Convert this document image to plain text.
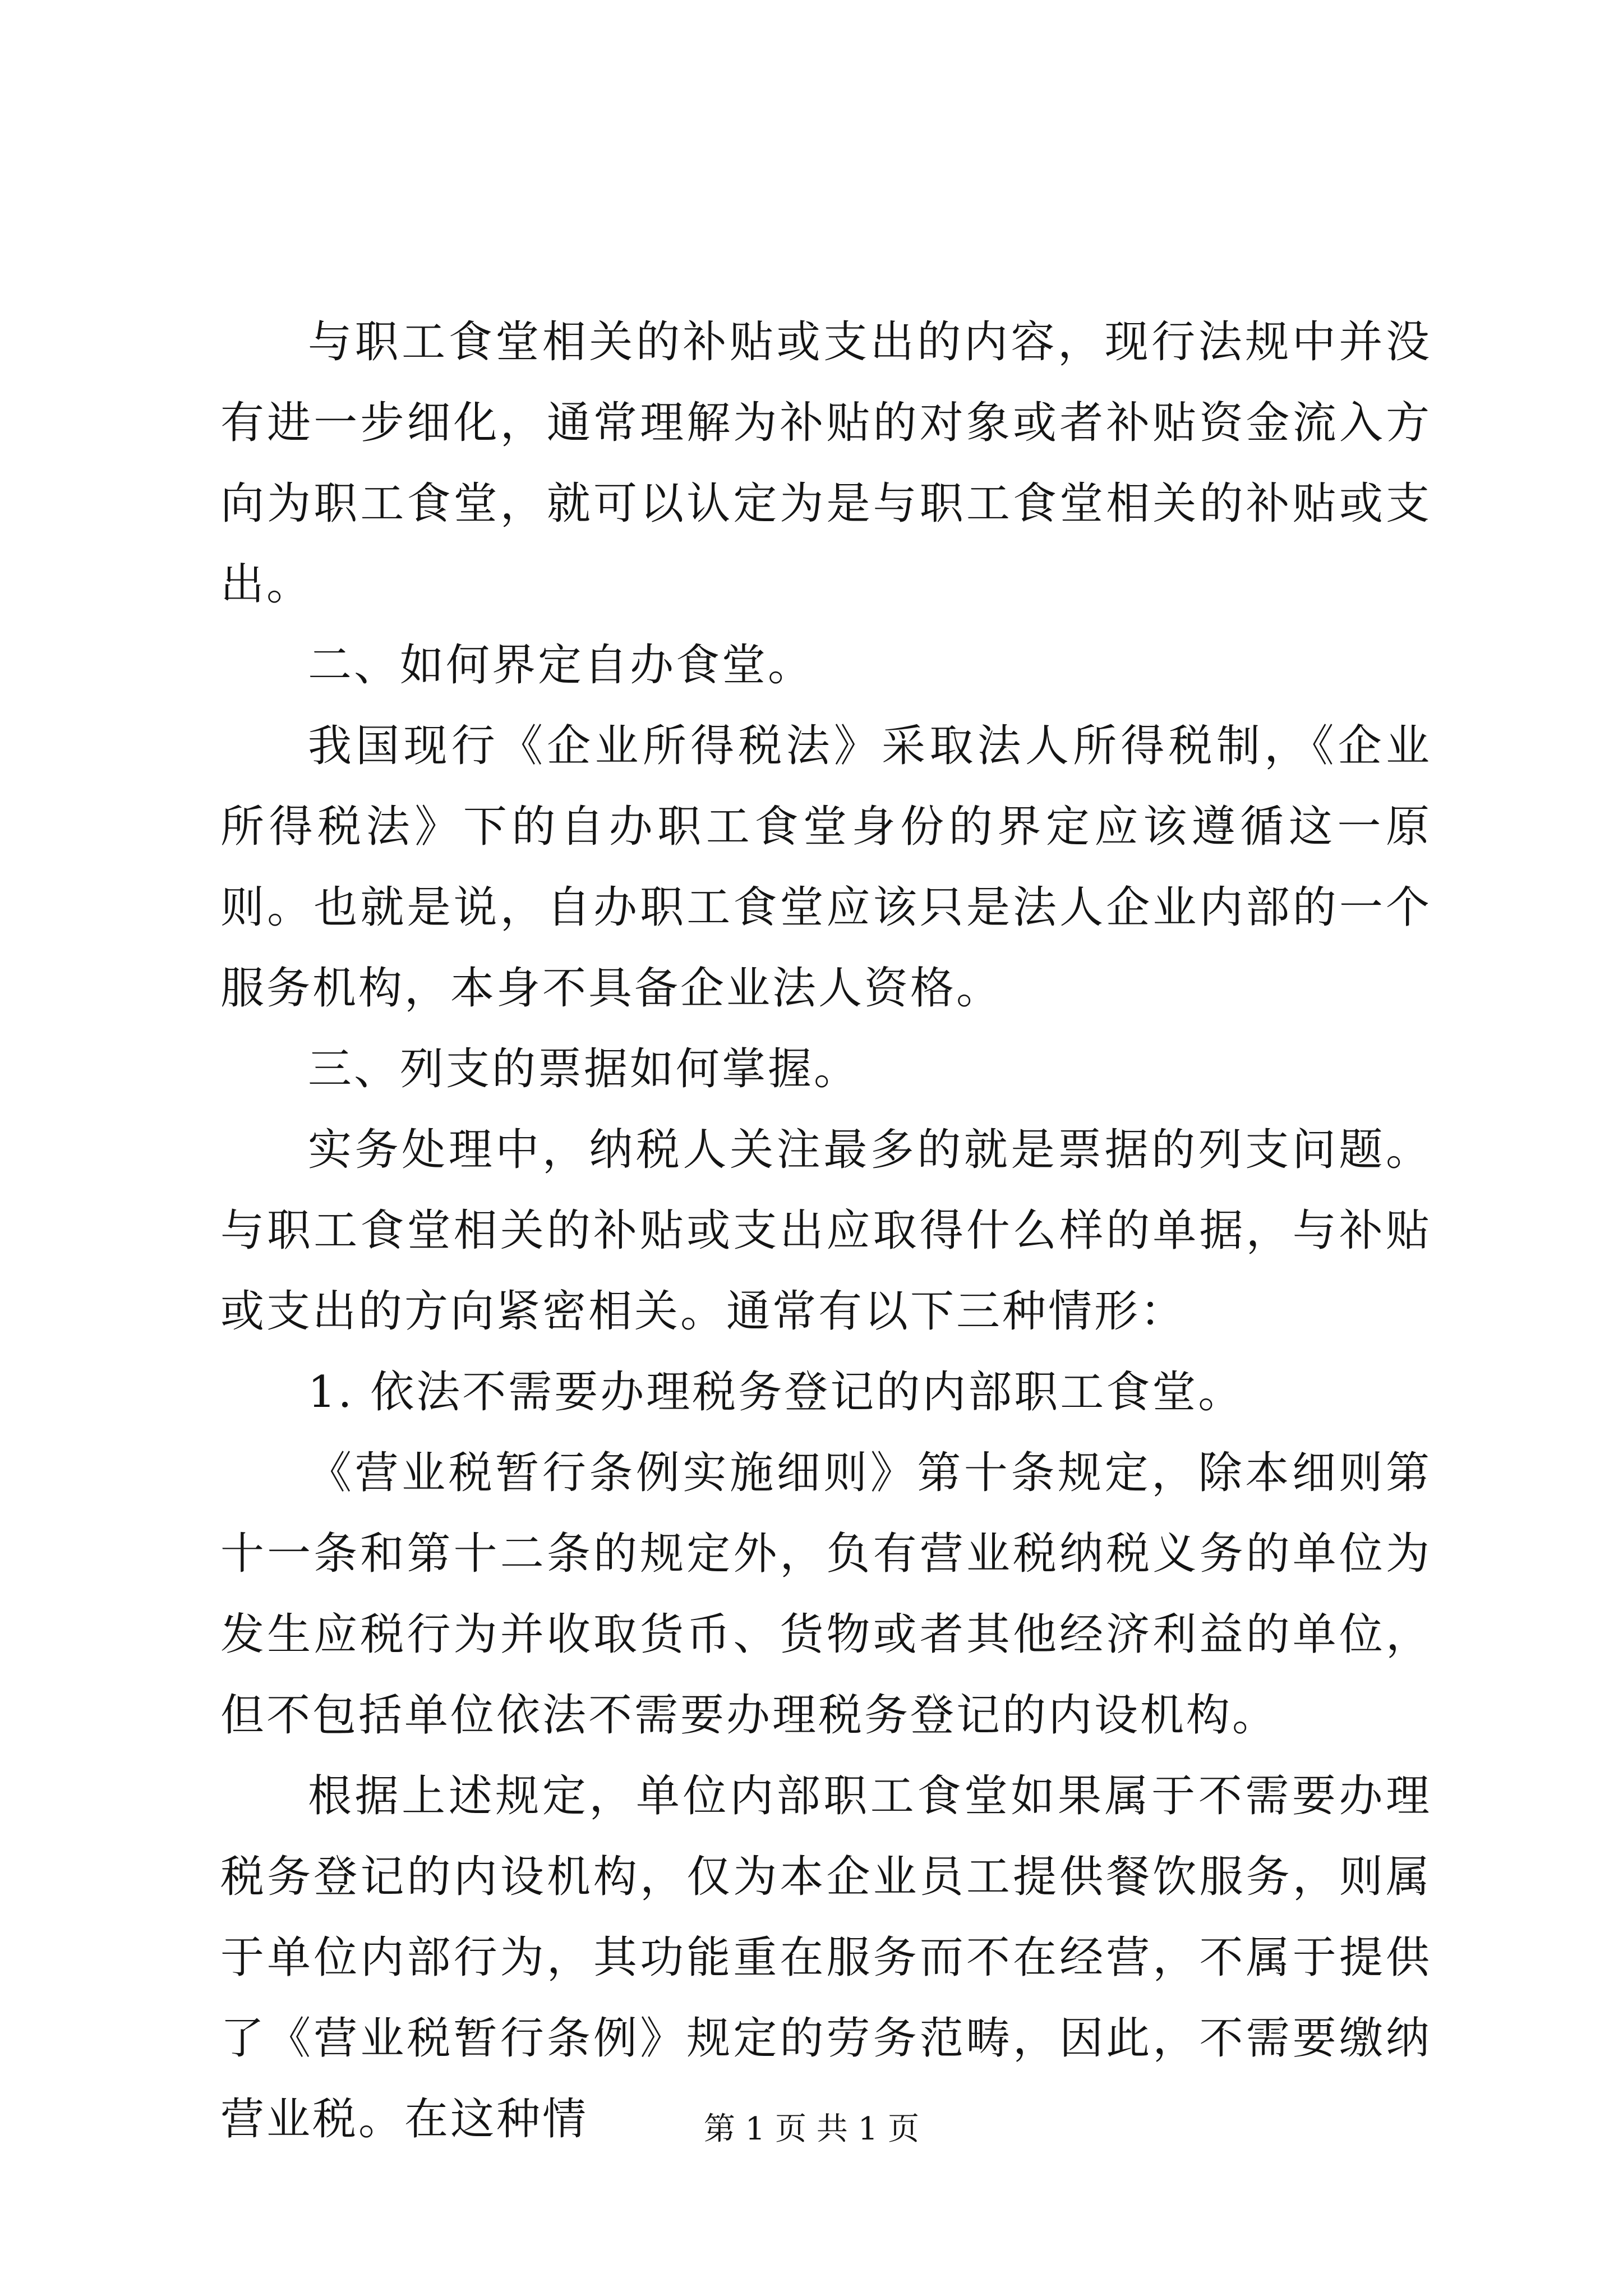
与职工食堂相关的补贴或支出的内容，现行法规中并没有进一步细化，通常理解为补贴的对象或者补贴资金流入方向为职工食堂，就可以认定为是与职工食堂相关的补贴或支出。

二、如何界定自办食堂。

我国现行《企业所得税法》采取法人所得税制，《企业所得税法》下的自办职工食堂身份的界定应该遵循这一原则。也就是说，自办职工食堂应该只是法人企业内部的一个服务机构，本身不具备企业法人资格。

三、列支的票据如何掌握。

实务处理中，纳税人关注最多的就是票据的列支问题。与职工食堂相关的补贴或支出应取得什么样的单据，与补贴或支出的方向紧密相关。通常有以下三种情形：

1. 依法不需要办理税务登记的内部职工食堂。

《营业税暂行条例实施细则》第十条规定，除本细则第十一条和第十二条的规定外，负有营业税纳税义务的单位为发生应税行为并收取货币、货物或者其他经济利益的单位，但不包括单位依法不需要办理税务登记的内设机构。

根据上述规定，单位内部职工食堂如果属于不需要办理税务登记的内设机构，仅为本企业员工提供餐饮服务，则属于单位内部行为，其功能重在服务而不在经营，不属于提供了《营业税暂行条例》规定的劳务范畴，因此，不需要缴纳营业税。在这种情	第 1 页 共 1 页
